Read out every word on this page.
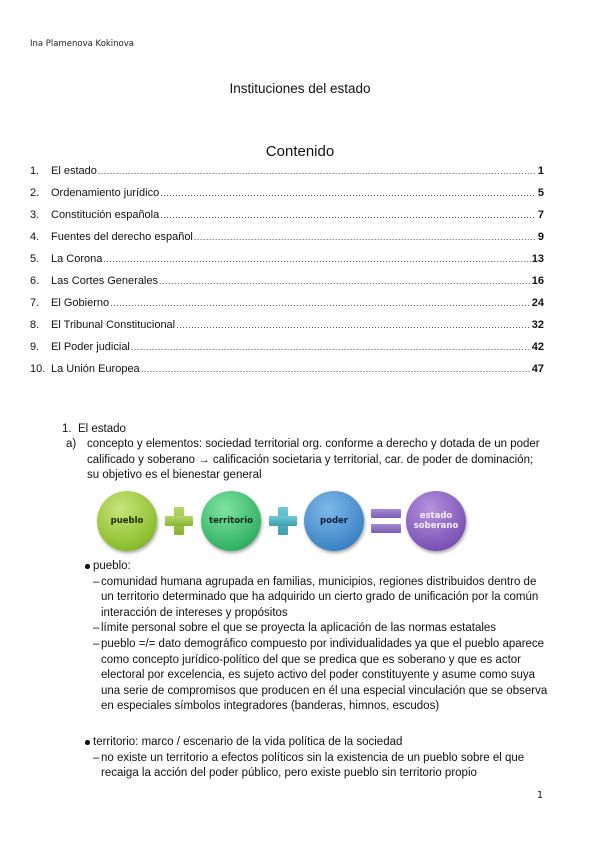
Ina Plamenova Kokinova
Instituciones del estado
Contenido
1.	El estado .....	1
2.	Ordenamiento jurídico .....	5
3.	Constitución española .....	7
4.	Fuentes del derecho español .....	9
5.	La Corona .....	13
6.	Las Cortes Generales .....	16
7.	El Gobierno .....	24
8.	El Tribunal Constitucional .....	32
9.	El Poder judicial .....	42
10. La Unión Europea .....	47
1.  El estado
a) concepto y elementos: sociedad territorial org. conforme a derecho y dotada de un poder calificado y soberano → calificación societaria y territorial, car. de poder de dominación; su objetivo es el bienestar general
pueblo	territorio	poder	estado soberano
pueblo:
– comunidad humana agrupada en familias, municipios, regiones distribuidos dentro de un territorio determinado que ha adquirido un cierto grado de unificación por la común interacción de intereses y propósitos
– límite personal sobre el que se proyecta la aplicación de las normas estatales
– pueblo =/= dato demográfico compuesto por individualidades ya que el pueblo aparece como concepto jurídico-político del que se predica que es soberano y que es actor electoral por excelencia, es sujeto activo del poder constituyente y asume como suya una serie de compromisos que producen en él una especial vinculación que se observa en especiales símbolos integradores (banderas, himnos, escudos)
territorio: marco / escenario de la vida política de la sociedad
– no existe un territorio a efectos políticos sin la existencia de un pueblo sobre el que recaiga la acción del poder público, pero existe pueblo sin territorio propio
1
